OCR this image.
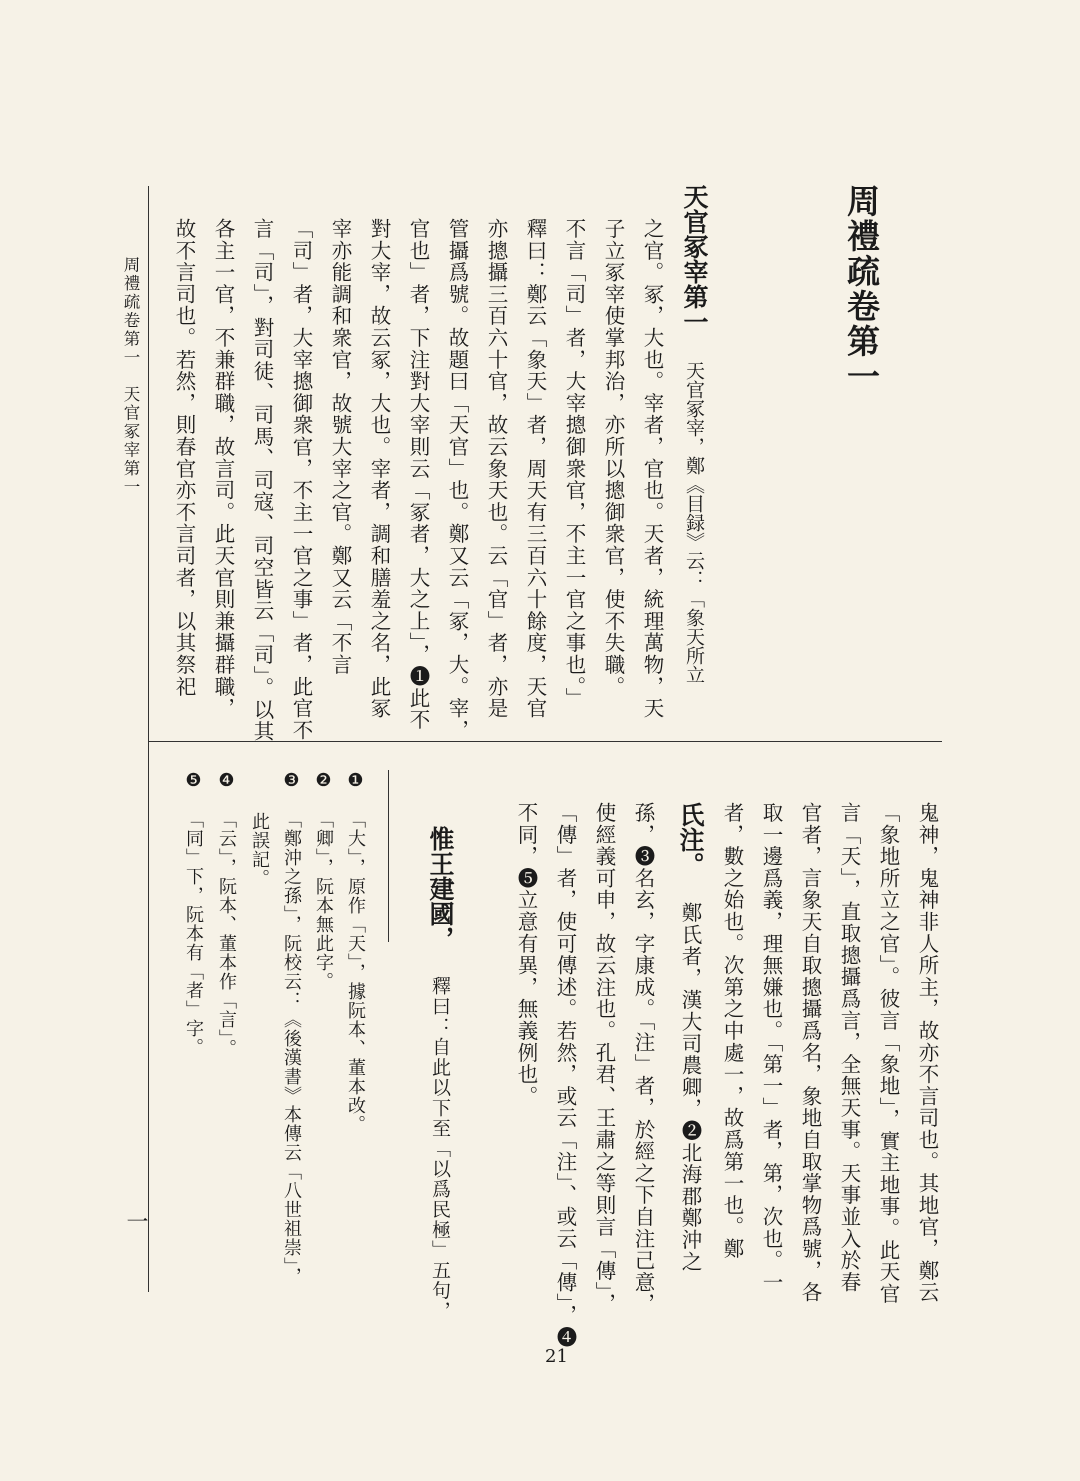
周禮疏卷第一
周禮疏卷第一　天官冢宰第一
一
天官冢宰第一 天官冢宰，鄭《目録》云：「象天所立
之官。冢，大也。宰者，官也。天者，統理萬物，天
子立冢宰使掌邦治，亦所以摠御衆官，使不失職。
不言「司」者，大宰摠御衆官，不主一官之事也。」
釋曰：鄭云「象天」者，周天有三百六十餘度，天官
亦摠攝三百六十官，故云象天也。云「官」者，亦是
管攝爲號。故題曰「天官」也。鄭又云「冢，大。宰，
官也」者，下注對大宰則云「冢者，大之上」，❶此不
對大宰，故云冢，大也。宰者，調和膳羞之名，此冢
宰亦能調和衆官，故號大宰之官。鄭又云「不言
「司」者，大宰摠御衆官，不主一官之事」者，此官不
言「司」，對司徒、司馬、司寇、司空皆云「司」。以其
各主一官，不兼群職，故言司。此天官則兼攝群職，
故不言司也。若然，則春官亦不言司者，以其祭祀
鬼神，鬼神非人所主，故亦不言司也。其地官，鄭云
「象地所立之官」。彼言「象地」，實主地事。此天官
言「天」，直取摠攝爲言，全無天事。天事並入於春
官者，言象天自取摠攝爲名，象地自取掌物爲號，各
取一邊爲義，理無嫌也。「第一」者，第，次也。一
者，數之始也。次第之中處一，故爲第一也。鄭
氏注。 鄭氏者，漢大司農卿，❷北海郡鄭沖之
孫，❸名玄，字康成。「注」者，於經之下自注己意，
使經義可申，故云注也。孔君、王肅之等則言「傳」，
「傳」者，使可傳述。若然，或云「注」、或云「傳」，❹
不同，❺立意有異，無義例也。
惟王建國， 釋曰：自此以下至「以爲民極」五句，
❶「大」，原作「天」，據阮本、董本改。
❷「卿」，阮本無此字。
❸「鄭沖之孫」，阮校云：《後漢書》本傳云「八世祖崇」，
此誤記。
❹「云」，阮本、董本作「言」。
❺「同」下，阮本有「者」字。
21
